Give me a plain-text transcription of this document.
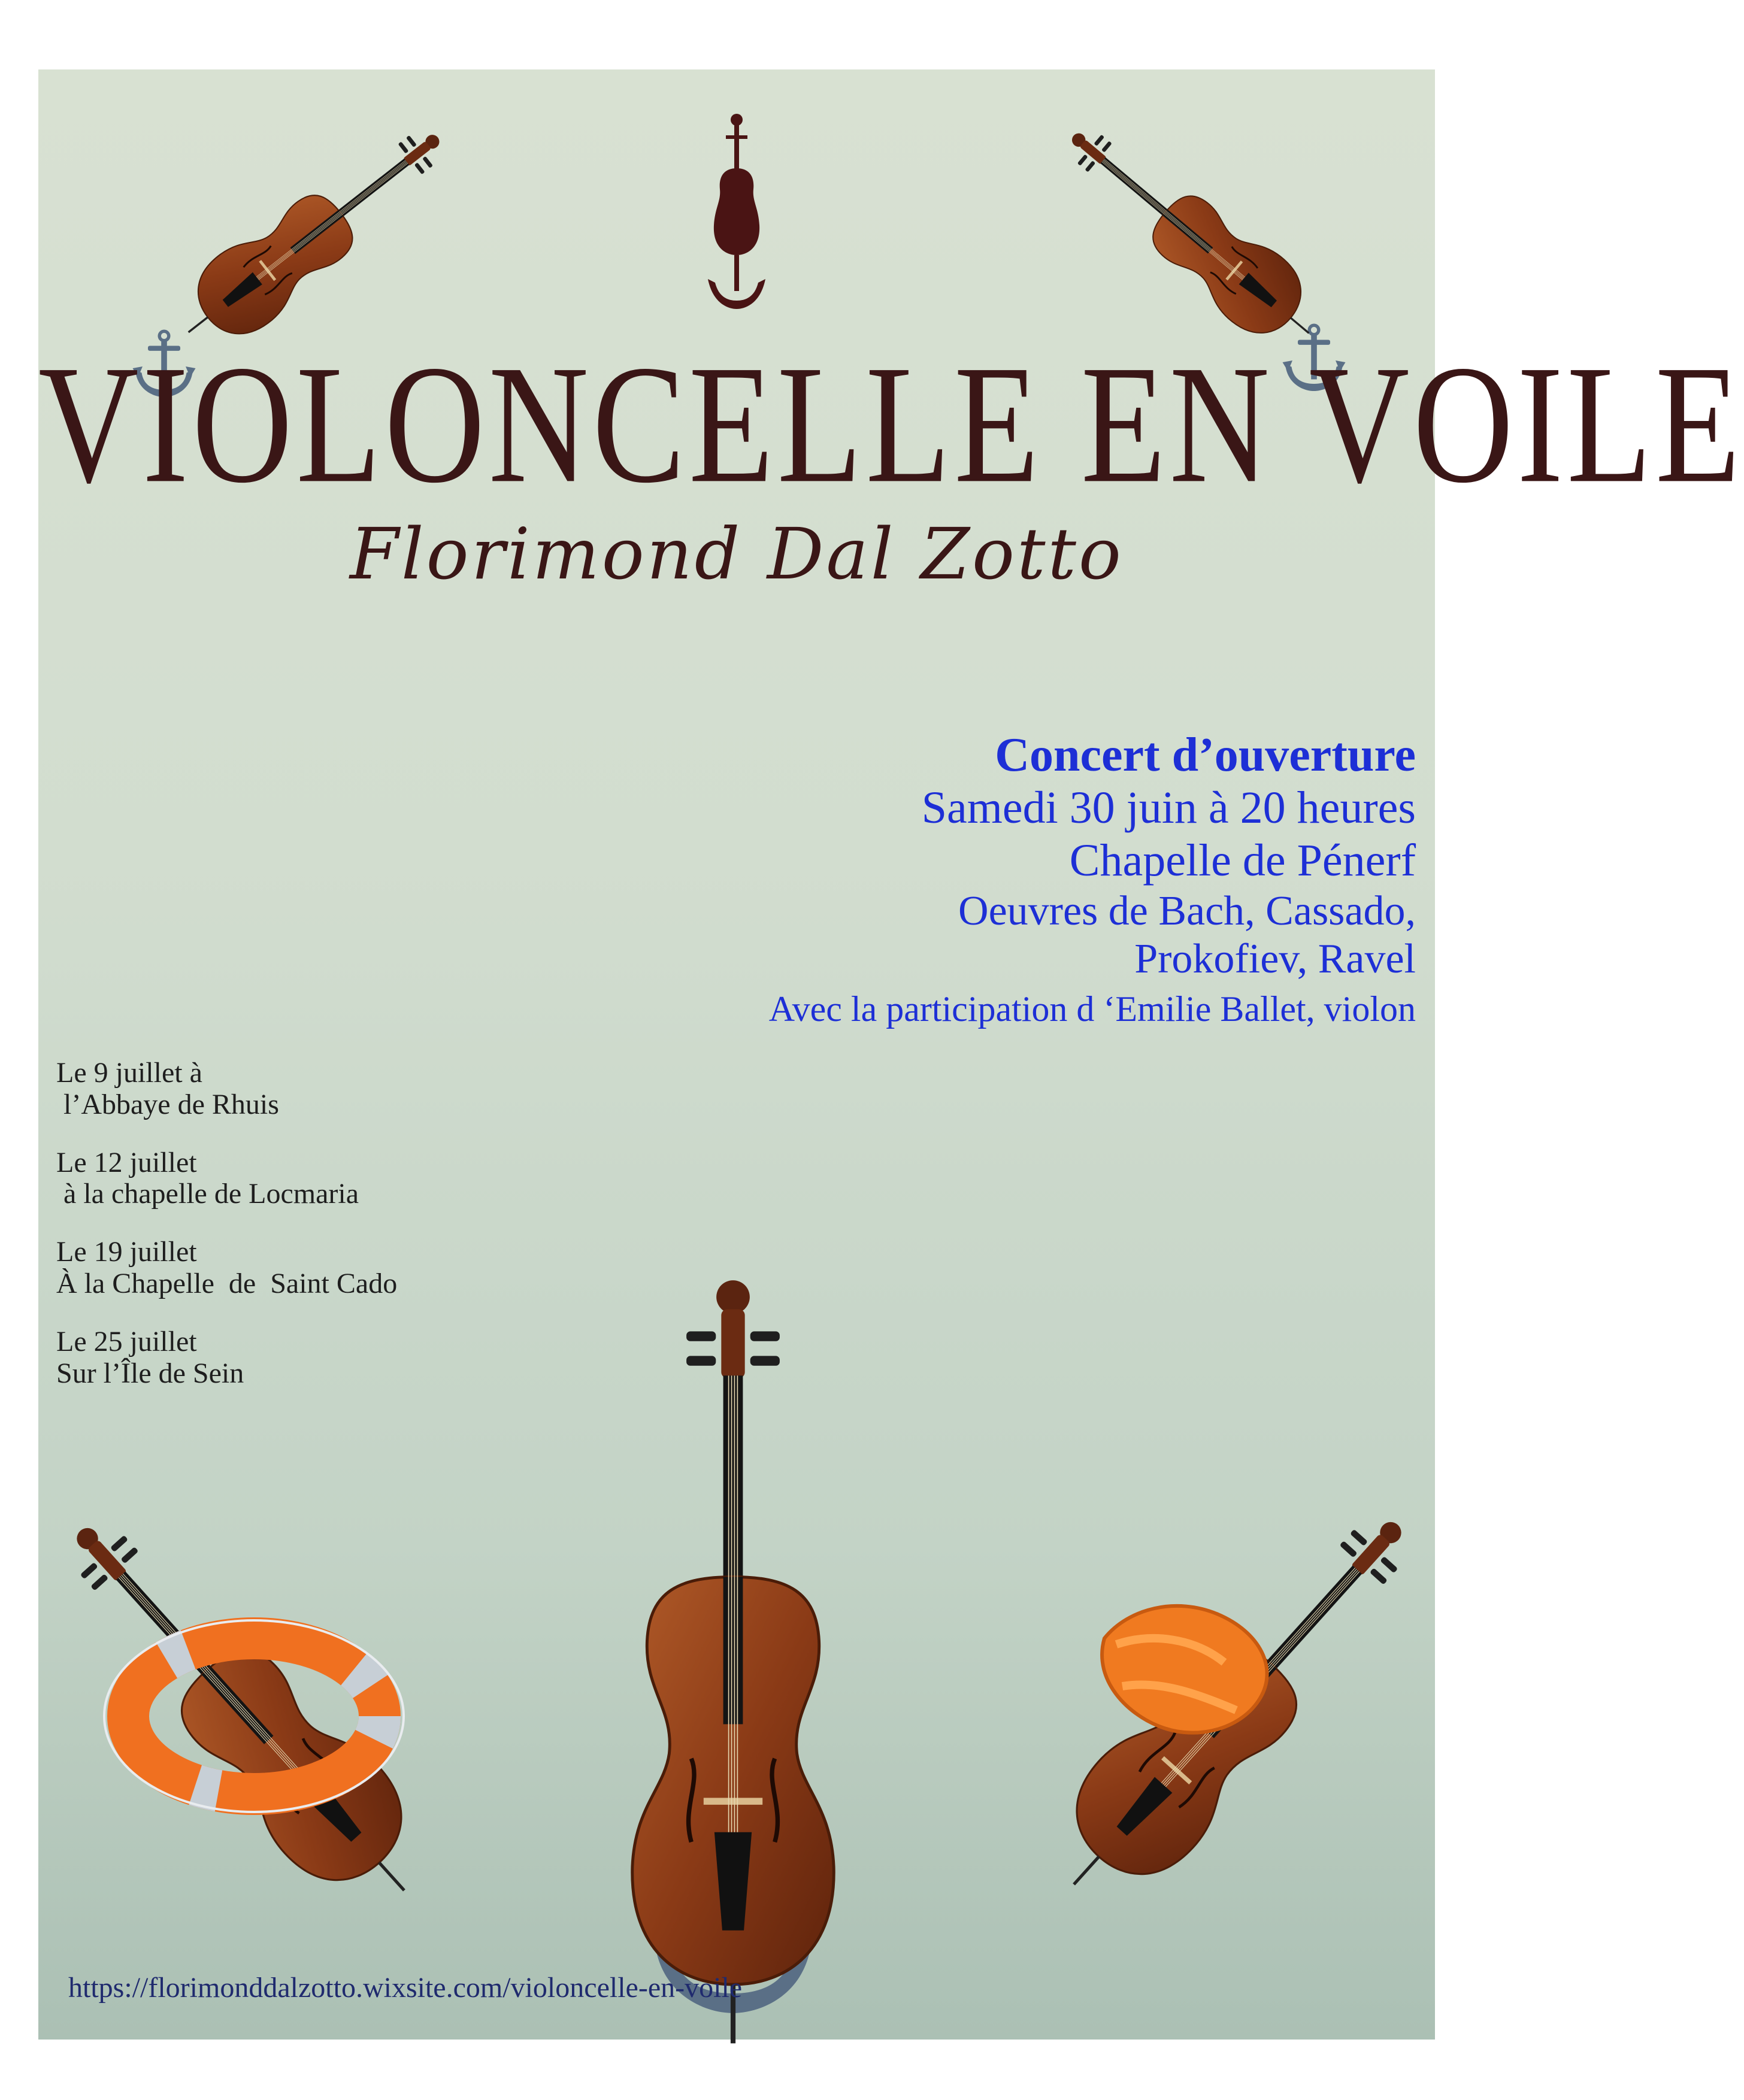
VIOLONCELLE EN VOILE
Florimond Dal Zotto
Concert d’ouverture
Samedi 30 juin à 20 heures
Chapelle de Pénerf
Oeuvres de Bach, Cassado,
Prokofiev, Ravel
Avec la participation d ‘Emilie Ballet, violon
Le 9 juillet à
l’Abbaye de Rhuis
Le 12 juillet
à la chapelle de Locmaria
Le 19 juillet
À la Chapelle  de  Saint Cado
Le 25 juillet
Sur l’Île de Sein
https://florimonddalzotto.wixsite.com/violoncelle-en-voile
